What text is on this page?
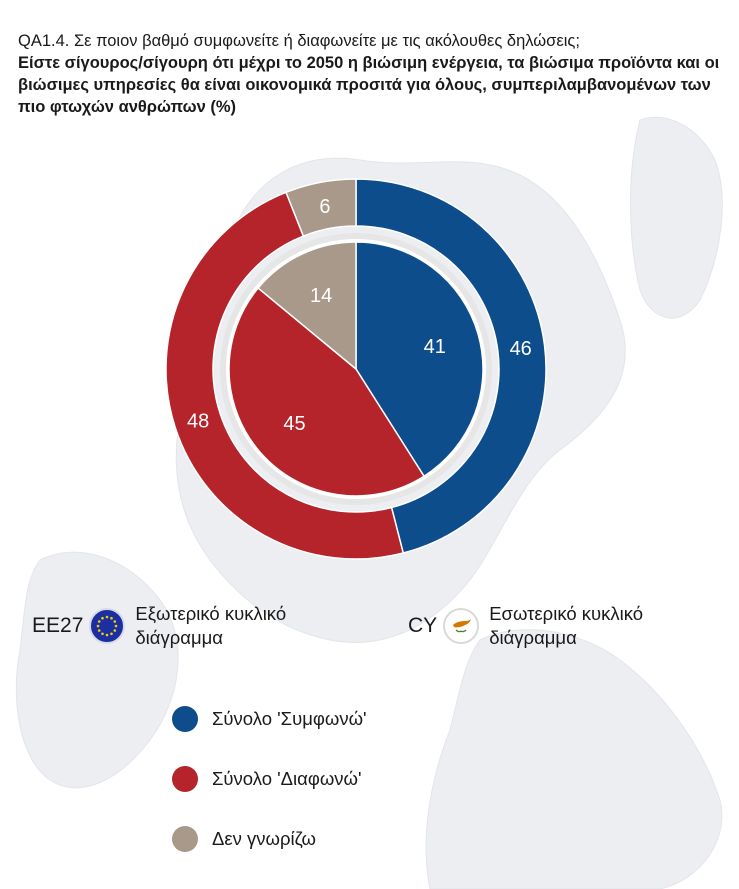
QA1.4. Σε ποιον βαθμό συμφωνείτε ή διαφωνείτε με τις ακόλουθες δηλώσεις;
Είστε σίγουρος/σίγουρη ότι μέχρι το 2050 η βιώσιμη ενέργεια, τα βιώσιμα προϊόντα και οι βιώσιμες υπηρεσίες θα είναι οικονομικά προσιτά για όλους, συμπεριλαμβανομένων των πιο φτωχών ανθρώπων (%)
46
48
6
41
45
14
EE27
Εξωτερικό κυκλικό διάγραμμα
CY
Εσωτερικό κυκλικό διάγραμμα
Σύνολο 'Συμφωνώ'
Σύνολο 'Διαφωνώ'
Δεν γνωρίζω
